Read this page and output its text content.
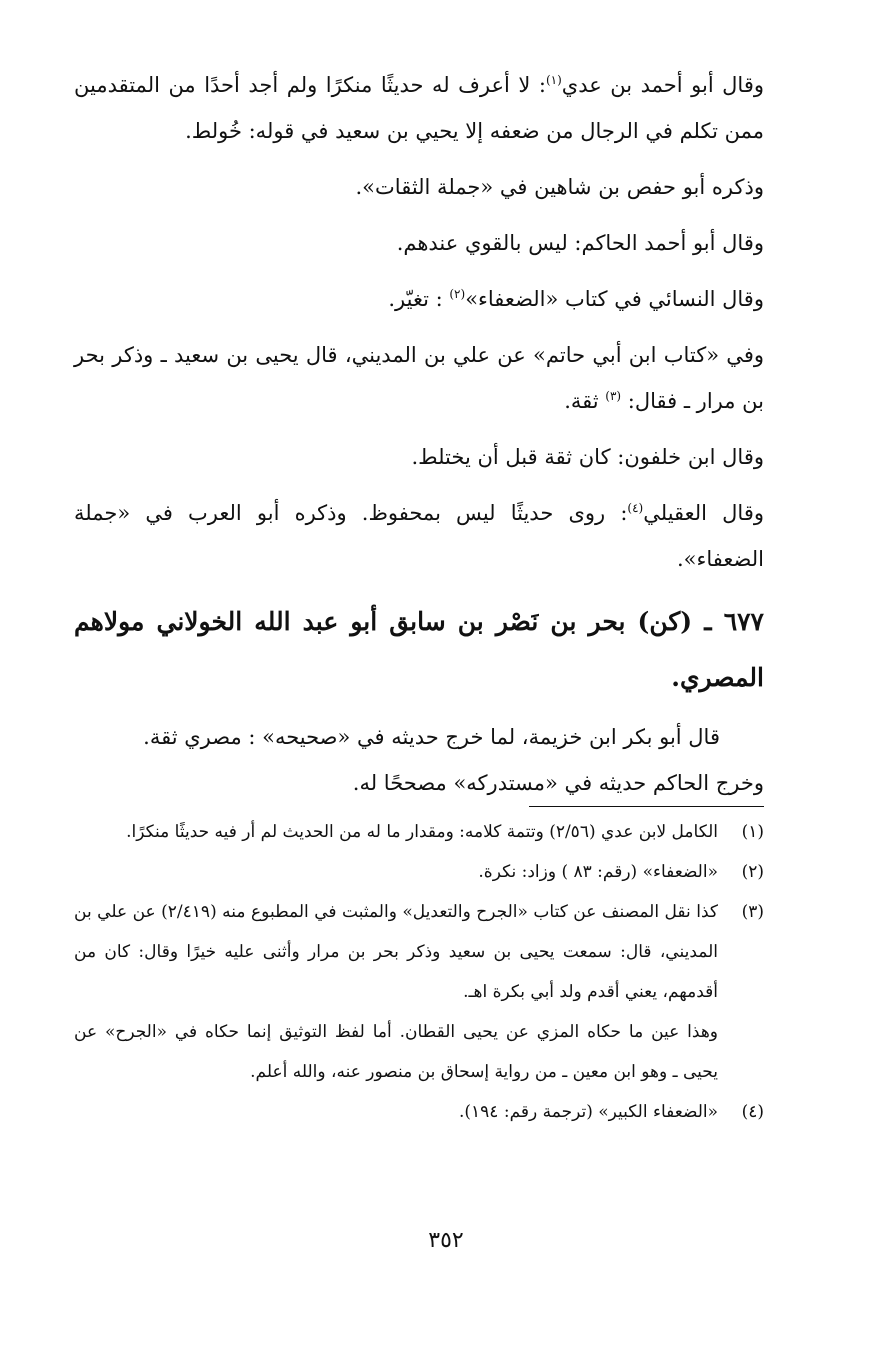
وقال أبو أحمد بن عدي$^{(١)}$: لا أعرف له حديثًا منكرًا ولم أجد أحدًا من المتقدمين ممن تكلم في الرجال من ضعفه إلا يحيي بن سعيد في قوله: خُولط.

وذكره أبو حفص بن شاهين في «جملة الثقات».

وقال أبو أحمد الحاكم: ليس بالقوي عندهم.

وقال النسائي في كتاب «الضعفاء»$^{(٢)}$ : تغيّر.

وفي «كتاب ابن أبي حاتم» عن علي بن المديني، قال يحيى بن سعيد ـ وذكر بحر بن مرار ـ فقال: $^{(٣)}$ ثقة.

وقال ابن خلفون: كان ثقة قبل أن يختلط.

وقال العقيلي$^{(٤)}$: روى حديثًا ليس بمحفوظ. وذكره أبو العرب في «جملة الضعفاء».

٦٧٧ ـ (كن) بحر بن نَصْر بن سابق أبو عبد الله الخولاني مولاهم المصري.

قال أبو بكر ابن خزيمة، لما خرج حديثه في «صحيحه» : مصري ثقة.

وخرج الحاكم حديثه في «مستدركه» مصححًا له.

(١)

الكامل لابن عدي (٢/٥٦) وتتمة كلامه: ومقدار ما له من الحديث لم أر فيه حديثًا منكرًا.

(٢)

«الضعفاء» (رقم: ٨٣ ) وزاد: نكرة.

(٣)

كذا نقل المصنف عن كتاب «الجرح والتعديل» والمثبت في المطبوع منه (٢/٤١٩) عن علي بن المديني، قال: سمعت يحيى بن سعيد وذكر بحر بن مرار وأثنى عليه خيرًا وقال: كان من أقدمهم، يعني أقدم ولد أبي بكرة اهـ.

وهذا عين ما حكاه المزي عن يحيى القطان. أما لفظ التوثيق إنما حكاه في «الجرح» عن يحيى ـ وهو ابن معين ـ من رواية إسحاق بن منصور عنه، والله أعلم.

(٤)

«الضعفاء الكبير» (ترجمة رقم: ١٩٤).

٣٥٢
